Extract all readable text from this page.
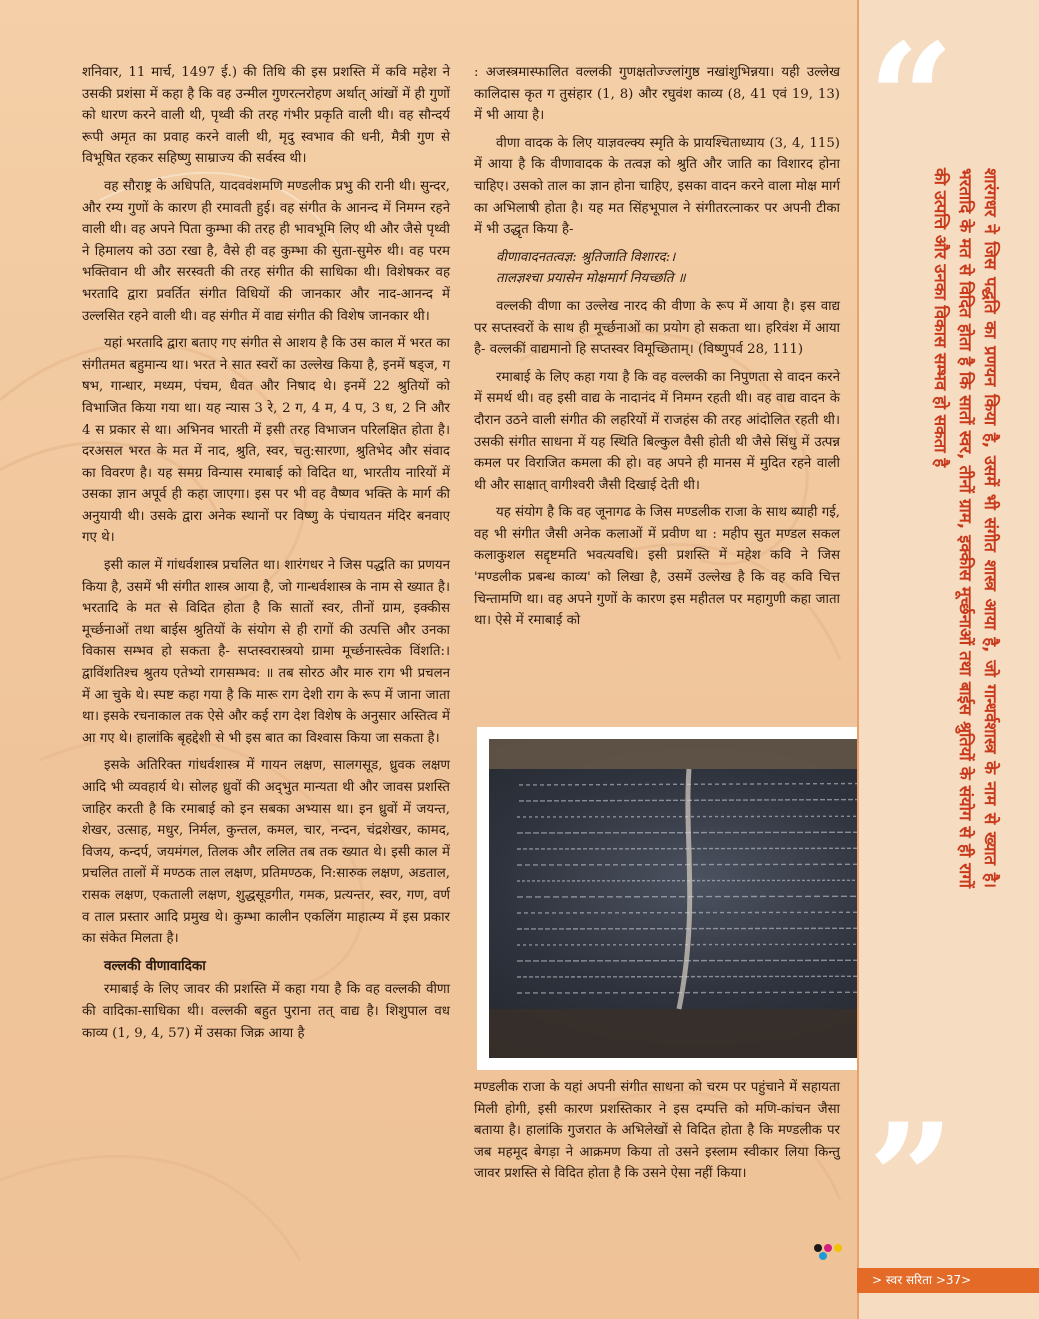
शनिवार, 11 मार्च, 1497 ई.) की तिथि की इस प्रशस्ति में कवि महेश ने उसकी प्रशंसा में कहा है कि वह उन्मील गुणरत्नरोहण अर्थात् आंखों में ही गुणों को धारण करने वाली थी, पृथ्वी की तरह गंभीर प्रकृति वाली थी। वह सौन्दर्य रूपी अमृत का प्रवाह करने वाली थी, मृदु स्वभाव की धनी, मैत्री गुण से विभूषित रहकर सहिष्णु साम्राज्य की सर्वस्व थी।

वह सौराष्ट्र के अधिपति, यादववंशमणि मण्डलीक प्रभु की रानी थी। सुन्दर, और रम्य गुणों के कारण ही रमावती हुई। वह संगीत के आनन्द में निमग्न रहने वाली थी। वह अपने पिता कुम्भा की तरह ही भावभूमि लिए थी और जैसे पृथ्वी ने हिमालय को उठा रखा है, वैसे ही वह कुम्भा की सुता-सुमेरु थी। वह परम भक्तिवान थी और सरस्वती की तरह संगीत की साधिका थी। विशेषकर वह भरतादि द्वारा प्रवर्तित संगीत विधियों की जानकार और नाद-आनन्द में उल्लसित रहने वाली थी। वह संगीत में वाद्य संगीत की विशेष जानकार थी।

यहां भरतादि द्वारा बताए गए संगीत से आशय है कि उस काल में भरत का संगीतमत बहुमान्य था। भरत ने सात स्वरों का उल्लेख किया है, इनमें षड्ज, ग षभ, गान्धार, मध्यम, पंचम, धैवत और निषाद थे। इनमें 22 श्रुतियों को विभाजित किया गया था। यह न्यास 3 रे, 2 ग, 4 म, 4 प, 3 ध, 2 नि और 4 स प्रकार से था। अभिनव भारती में इसी तरह विभाजन परिलक्षित होता है। दरअसल भरत के मत में नाद, श्रुति, स्वर, चतु:सारणा, श्रुतिभेद और संवाद का विवरण है। यह समग्र विन्यास रमाबाई को विदित था, भारतीय नारियों में उसका ज्ञान अपूर्व ही कहा जाएगा। इस पर भी वह वैष्णव भक्ति के मार्ग की अनुयायी थी। उसके द्वारा अनेक स्थानों पर विष्णु के पंचायतन मंदिर बनवाए गए थे।

इसी काल में गांधर्वशास्त्र प्रचलित था। शारंगधर ने जिस पद्धति का प्रणयन किया है, उसमें भी संगीत शास्त्र आया है, जो गान्धर्वशास्त्र के नाम से ख्यात है। भरतादि के मत से विदित होता है कि सातों स्वर, तीनों ग्राम, इक्कीस मूर्च्छनाओं तथा बाईस श्रुतियों के संयोग से ही रागों की उत्पत्ति और उनका विकास सम्भव हो सकता है- सप्तस्वरास्त्रयो ग्रामा मूर्च्छनास्त्वेक विंशति:। द्वाविंशतिश्च श्रुतय एतेभ्यो रागसम्भव: ॥ तब सोरठ और मारु राग भी प्रचलन में आ चुके थे। स्पष्ट कहा गया है कि मारू राग देशी राग के रूप में जाना जाता था। इसके रचनाकाल तक ऐसे और कई राग देश विशेष के अनुसार अस्तित्व में आ गए थे। हालांकि बृहद्देशी से भी इस बात का विश्वास किया जा सकता है।

इसके अतिरिक्त गांधर्वशास्त्र में गायन लक्षण, सालगसूड, ध्रुवक लक्षण आदि भी व्यवहार्य थे। सोलह ध्रुवों की अद्‌भुत मान्यता थी और जावस प्रशस्ति जाहिर करती है कि रमाबाई को इन सबका अभ्यास था। इन ध्रुवों में जयन्त, शेखर, उत्साह, मधुर, निर्मल, कुन्तल, कमल, चार, नन्दन, चंद्रशेखर, कामद, विजय, कन्दर्प, जयमंगल, तिलक और ललित तब तक ख्यात थे। इसी काल में प्रचलित तालों में मण्ठक ताल लक्षण, प्रतिमण्ठक, नि:सारुक लक्षण, अडताल, रासक लक्षण, एकताली लक्षण, शुद्धसूडगीत, गमक, प्रत्यन्तर, स्वर, गण, वर्ण व ताल प्रस्तार आदि प्रमुख थे। कुम्भा कालीन एकलिंग माहात्म्य में इस प्रकार का संकेत मिलता है।

वल्लकी वीणावादिका

रमाबाई के लिए जावर की प्रशस्ति में कहा गया है कि वह वल्लकी वीणा की वादिका-साधिका थी। वल्लकी बहुत पुराना तत् वाद्य है। शिशुपाल वध काव्य (1, 9, 4, 57) में उसका जिक्र आया है

: अजस्त्रमास्फालित वल्लकी गुणक्षतोज्ज्लांगुष्ठ नखांशुभिन्नया। यही उल्लेख कालिदास कृत ग तुसंहार (1, 8) और रघुवंश काव्य (8, 41 एवं 19, 13) में भी आया है।

वीणा वादक के लिए याज्ञवल्क्य स्मृति के प्रायश्चिताध्याय (3, 4, 115) में आया है कि वीणावादक के तत्वज्ञ को श्रुति और जाति का विशारद होना चाहिए। उसको ताल का ज्ञान होना चाहिए, इसका वादन करने वाला मोक्ष मार्ग का अभिलाषी होता है। यह मत सिंहभूपाल ने संगीतरत्नाकर पर अपनी टीका में भी उद्धृत किया है-

वीणावादनतत्वज्ञ: श्रुतिजाति विशारद:।

तालज्ञश्चा प्रयासेन मोक्षमार्ग नियच्छति ॥

वल्लकी वीणा का उल्लेख नारद की वीणा के रूप में आया है। इस वाद्य पर सप्तस्वरों के साथ ही मूर्च्छनाओं का प्रयोग हो सकता था। हरिवंश में आया है- वल्लकीं वाद्यमानो हि सप्तस्वर विमूच्छिताम्। (विष्णुपर्व 28, 111)

रमाबाई के लिए कहा गया है कि वह वल्लकी का निपुणता से वादन करने में समर्थ थी। वह इसी वाद्य के नादानंद में निमग्न रहती थी। वह वाद्य वादन के दौरान उठने वाली संगीत की लहरियों में राजहंस की तरह आंदोलित रहती थी। उसकी संगीत साधना में यह स्थिति बिल्कुल वैसी होती थी जैसे सिंधु में उत्पन्न कमल पर विराजित कमला की हो। वह अपने ही मानस में मुदित रहने वाली थी और साक्षात् वागीश्वरी जैसी दिखाई देती थी।

यह संयोग है कि वह जूनागढ के जिस मण्डलीक राजा के साथ ब्याही गई, वह भी संगीत जैसी अनेक कलाओं में प्रवीण था : महीप सुत मण्डल सकल कलाकुशल सद्दृष्टमति भवत्यवधि। इसी प्रशस्ति में महेश कवि ने जिस 'मण्डलीक प्रबन्ध काव्य' को लिखा है, उसमें उल्लेख है कि वह कवि चित्त चिन्तामणि था। वह अपने गुणों के कारण इस महीतल पर महागुणी कहा जाता था। ऐसे में रमाबाई को

मण्डलीक राजा के यहां अपनी संगीत साधना को चरम पर पहुंचाने में सहायता मिली होगी, इसी कारण प्रशस्तिकार ने इस दम्पत्ति को मणि-कांचन जैसा बताया है। हालांकि गुजरात के अभिलेखों से विदित होता है कि मण्डलीक पर जब महमूद बेगड़ा ने आक्रमण किया तो उसने इस्लाम स्वीकार लिया किन्तु जावर प्रशस्ति से विदित होता है कि उसने ऐसा नहीं किया।

“
शारंगधर ने जिस पद्धति का प्रणयन किया है, उसमें भी संगीत शास्त्र आया है, जो गान्धर्वशास्त्र के नाम से ख्यात है। भरतादि के मत से विदित होता है कि सातों स्वर, तीनों ग्राम, इक्कीस मूर्च्छनाओं तथा बाईस श्रुतियों के संयोग से ही रागों की उत्पत्ति और उनका विकास सम्भव हो सकता है
”
> स्वर सरिता >37>
